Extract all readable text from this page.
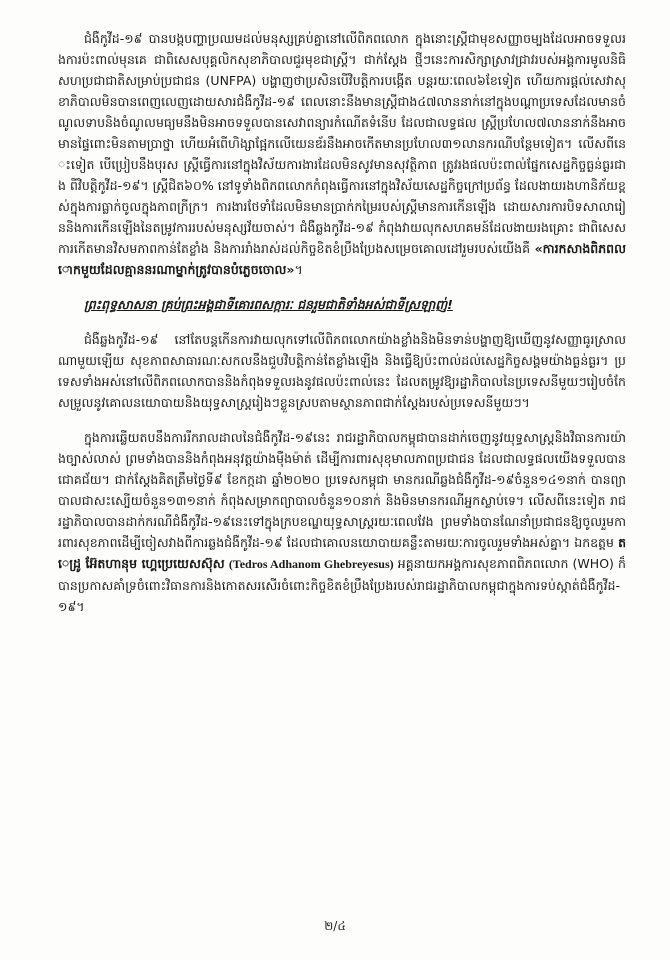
ជំងឺកូវីដ-១៩ បានបង្កបញ្ហាប្រឈមដល់មនុស្សគ្រប់គ្នានៅលើពិភពលោក ក្នុងនោះស្ត្រីជាមុខសញ្ញាចម្បងដែលអាចទទួលរងការប៉ះពាល់មុនគេ ជាពិសេសបុគ្គលិកសុខាភិបាលជួរមុខជាស្ត្រី។ ជាក់ស្តែង ថ្មីៗនេះការសិក្សាស្រាវជ្រាវរបស់អង្គការមូលនិធិសហប្រជាជាតិសម្រាប់ប្រជាជន (UNFPA) បង្ហាញថាប្រសិនបើវិបត្តិការបង្កើត បន្តរយៈពេល៦ខែទៀត ហើយការផ្តល់សេវាសុខាភិបាលមិនបានពេញលេញដោយសារជំងឺកូវីដ-១៩ ពេលនោះនឹងមានស្ត្រីជាង៤៧លាននាក់នៅក្នុងបណ្តាប្រទេសដែលមានចំណូលទាបនិងចំណូលមធ្យមនឹងមិនអាចទទួលបានសេវាពន្យារកំណើតទំនើប ដែលជាលទ្ធផល ស្ត្រីប្រហែល៧លាននាក់នឹងអាចមានផ្ទៃពោះមិនតាមប្រាថ្នា ហើយអំពើហិង្សាផ្អែកលើយេនឌ័រនឹងអាចកើតមានប្រហែល៣១លានករណីបន្ថែមទៀត។ លើសពីនេះទៀត បើប្រៀបនឹងបុរស ស្ត្រីធ្វើការនៅក្នុងវិស័យការងារដែលមិនសូវមានសុវត្ថិភាព ត្រូវរងផលប៉ះពាល់ផ្នែកសេដ្ឋកិច្ចធ្ងន់ធ្ងរជាង ពីវិបត្តិកូវីដ-១៩។ ស្ត្រីជិត៦០% នៅទូទាំងពិភពលោកកំពុងធ្វើការនៅក្នុងវិស័យសេដ្ឋកិច្ចក្រៅប្រព័ន្ធ ដែលងាយរងហានិភ័យខ្ពស់ក្នុងការធ្លាក់ចូលក្នុងភាពក្រីក្រ។ ការងារថែទាំដែលមិនមានប្រាក់កម្រៃរបស់ស្ត្រីមានការកើនឡើង ដោយសារការបិទសាលារៀននិងការកើនឡើងនៃតម្រូវការរបស់មនុស្សវ័យចាស់។ ជំងឺឆ្លងកូវីដ-១៩ កំពុងវាយលុកសហគមន៍ដែលងាយរងគ្រោះ ជាពិសេស ការកើតមានវិសមភាពកាន់តែខ្លាំង និងការរាំងរាស់ដល់កិច្ចខិតខំប្រឹងប្រែងសម្រេចគោលដៅរួមរបស់យើងគឺ «ការកសាងពិភពលោកមួយដែលគ្មាននរណាម្នាក់ត្រូវបានបំភ្លេចចោល»។

ព្រះពុទ្ធសាសនា គ្រប់ព្រះអង្គជាទីគោរពសក្ការៈ ជនរួមជាតិទាំងអស់ជាទីស្រឡាញ់!

ជំងឺឆ្លងកូវីដ-១៩ នៅតែបន្តកើនការវាយលុកទៅលើពិភពលោកយ៉ាងខ្លាំងនិងមិនទាន់បង្ហាញឱ្យឃើញនូវសញ្ញាធូរស្រាលណាមួយឡើយ សុខភាពសាធារណៈសកលនឹងជួបវិបត្តិកាន់តែខ្លាំងឡើង និងធ្វើឱ្យប៉ះពាល់ដល់សេដ្ឋកិច្ចសង្គមយ៉ាងធ្ងន់ធ្ងរ។ ប្រទេសទាំងអស់នៅលើពិភពលោកបាននិងកំពុងទទួលរងនូវផលប៉ះពាល់នេះ ដែលតម្រូវឱ្យរដ្ឋាភិបាលនៃប្រទេសនីមួយៗរៀបចំកែសម្រួលនូវគោលនយោបាយនិងយុទ្ធសាស្ត្ររៀងៗខ្លួនស្របតាមស្ថានភាពជាក់ស្តែងរបស់ប្រទេសនីមួយៗ។

ក្នុងការឆ្លើយតបនឹងការរីករាលដាលនៃជំងឺកូវីដ-១៩នេះ រាជរដ្ឋាភិបាលកម្ពុជាបានដាក់ចេញនូវយុទ្ធសាស្ត្រនិងវិធានការយ៉ាងច្បាស់លាស់ ព្រមទាំងបាននិងកំពុងអនុវត្តយ៉ាងម៉ឺងម៉ាត់ ដើម្បីការពារសុខុមាលភាពប្រជាជន ដែលជាលទ្ធផលយើងទទួលបានជោគជ័យ។ ជាក់ស្តែងគិតត្រឹមថ្ងៃទី៩ ខែកក្កដា ឆ្នាំ២០២០ ប្រទេសកម្ពុជា មានករណីឆ្លងជំងឺកូវីដ-១៩ចំនួន១៤១នាក់ បានព្យាបាលជាសះស្បើយចំនួន១៣១នាក់ កំពុងសម្រាកព្យាបាលចំនួន១០នាក់ និងមិនមានករណីអ្នកស្លាប់ទេ។ លើសពីនេះទៀត រាជរដ្ឋាភិបាលបានដាក់ករណីជំងឺកូវីដ-១៩នេះទៅក្នុងក្របខណ្ឌយុទ្ធសាស្ត្ររយៈពេលវែង ព្រមទាំងបានណែនាំប្រជាជនឱ្យចូលរួមការពារសុខភាពដើម្បីចៀសវាងពីការឆ្លងជំងឺកូវីដ-១៩ ដែលជាគោលនយោបាយគន្លឹះតាមរយៈការចូលរួមទាំងអស់គ្នា។ ឯកឧត្តម តេដ្រូ អ៊ែតហានុម ហ្គេប្រេយេសស៊ុស (Tedros Adhanom Ghebreyesus) អគ្គនាយកអង្គការសុខភាពពិភពលោក (WHO) ក៏បានប្រកាសគាំទ្រចំពោះវិធានការនិងកោតសរសើរចំពោះកិច្ចខិតខំប្រឹងប្រែងរបស់រាជរដ្ឋាភិបាលកម្ពុជាក្នុងការទប់ស្កាត់ជំងឺកូវីដ-១៩។

២/៤
